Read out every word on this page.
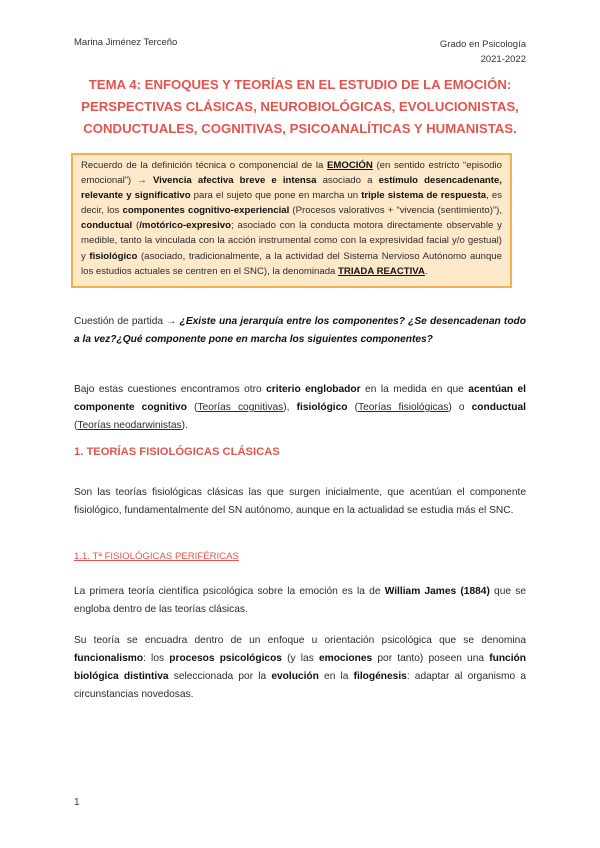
Marina Jiménez Terceño	Grado en Psicología
2021-2022
TEMA 4: ENFOQUES Y TEORÍAS EN EL ESTUDIO DE LA EMOCIÓN:
PERSPECTIVAS CLÁSICAS, NEUROBIOLÓGICAS, EVOLUCIONISTAS,
CONDUCTUALES, COGNITIVAS, PSICOANALÍTICAS Y HUMANISTAS.
Recuerdo de la definición técnica o componencial de la EMOCIÓN (en sentido estricto “episodio emocional”) → Vivencia afectiva breve e intensa asociado a estímulo desencadenante, relevante y significativo para el sujeto que pone en marcha un triple sistema de respuesta, es decir, los componentes cognitivo-experiencial (Procesos valorativos + “vivencia (sentimiento)”), conductual (/motórico-expresivo; asociado con la conducta motora directamente observable y medible, tanto la vinculada con la acción instrumental como con la expresividad facial y/o gestual) y fisiológico (asociado, tradicionalmente, a la actividad del Sistema Nervioso Autónomo aunque los estudios actuales se centren en el SNC), la denominada TRIADA REACTIVA.
Cuestión de partida → ¿Existe una jerarquía entre los componentes? ¿Se desencadenan todo a la vez?¿Qué componente pone en marcha los siguientes componentes?
Bajo estas cuestiones encontramos otro criterio englobador en la medida en que acentúan el componente cognitivo (Teorías cognitivas), fisiológico (Teorías fisiológicas) o conductual (Teorías neodarwinistas).
1. TEORÍAS FISIOLÓGICAS CLÁSICAS
Son las teorías fisiológicas clásicas las que surgen inicialmente, que acentúan el componente fisiológico, fundamentalmente del SN autónomo, aunque en la actualidad se estudia más el SNC.
1.1. Tª FISIOLÓGICAS PERIFÉRICAS
La primera teoría científica psicológica sobre la emoción es la de William James (1884) que se engloba dentro de las teorías clásicas.
Su teoría se encuadra dentro de un enfoque u orientación psicológica que se denomina funcionalismo: los procesos psicológicos (y las emociones por tanto) poseen una función biológica distintiva seleccionada por la evolución en la filogénesis: adaptar al organismo a circunstancias novedosas.
1
